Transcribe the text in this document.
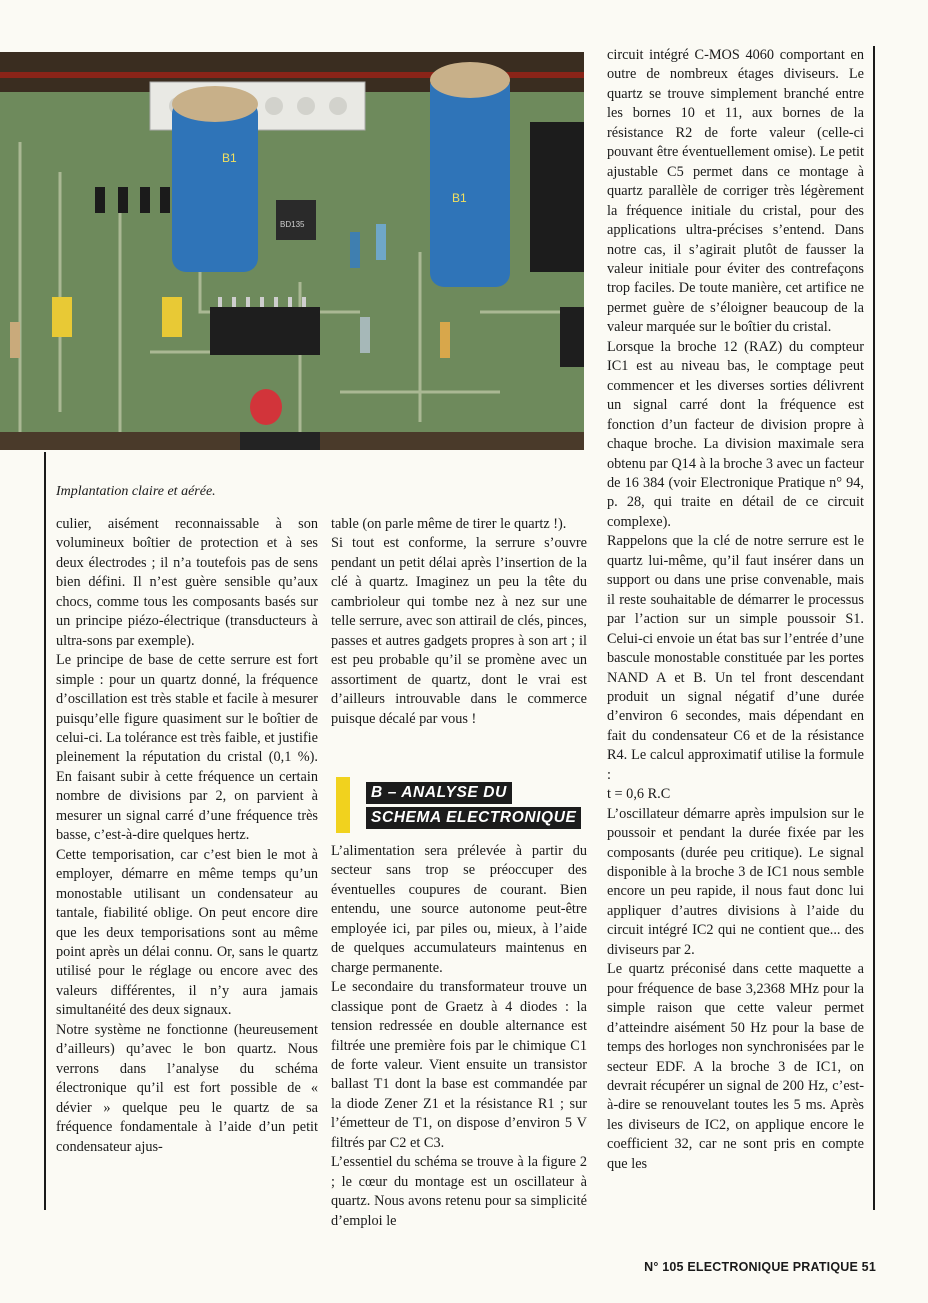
B1
B1
BD135
Implantation claire et aérée.

culier, aisément reconnaissable à son volumineux boîtier de protection et à ses deux électrodes ; il n’a toutefois pas de sens bien défini. Il n’est guère sensible qu’aux chocs, comme tous les composants basés sur un principe piézo-électrique (transducteurs à ultra-sons par exemple).

Le principe de base de cette serrure est fort simple : pour un quartz donné, la fréquence d’oscillation est très stable et facile à mesurer puisqu’elle figure quasiment sur le boîtier de celui-ci. La tolérance est très faible, et justifie pleinement la réputation du cristal (0,1 %). En faisant subir à cette fréquence un certain nombre de divisions par 2, on parvient à mesurer un signal carré d’une fréquence très basse, c’est-à-dire quelques hertz.

Cette temporisation, car c’est bien le mot à employer, démarre en même temps qu’un monostable utilisant un condensateur au tantale, fiabilité oblige. On peut encore dire que les deux temporisations sont au même point après un délai connu. Or, sans le quartz utilisé pour le réglage ou encore avec des valeurs différentes, il n’y aura jamais simultanéité des deux signaux.

Notre système ne fonctionne (heureusement d’ailleurs) qu’avec le bon quartz. Nous verrons dans l’analyse du schéma électronique qu’il est fort possible de « dévier » quelque peu le quartz de sa fréquence fondamentale à l’aide d’un petit condensateur ajus-

table (on parle même de tirer le quartz !).

Si tout est conforme, la serrure s’ouvre pendant un petit délai après l’insertion de la clé à quartz. Imaginez un peu la tête du cambrioleur qui tombe nez à nez sur une telle serrure, avec son attirail de clés, pinces, passes et autres gadgets propres à son art ; il est peu probable qu’il se promène avec un assortiment de quartz, dont le vrai est d’ailleurs introuvable dans le commerce puisque décalé par vous !

B – ANALYSE DU
SCHEMA ELECTRONIQUE

L’alimentation sera prélevée à partir du secteur sans trop se préoccuper des éventuelles coupures de courant. Bien entendu, une source autonome peut-être employée ici, par piles ou, mieux, à l’aide de quelques accumulateurs maintenus en charge permanente.

Le secondaire du transformateur trouve un classique pont de Graetz à 4 diodes : la tension redressée en double alternance est filtrée une première fois par le chimique C1 de forte valeur. Vient ensuite un transistor ballast T1 dont la base est commandée par la diode Zener Z1 et la résistance R1 ; sur l’émetteur de T1, on dispose d’environ 5 V filtrés par C2 et C3.

L’essentiel du schéma se trouve à la figure 2 ; le cœur du montage est un oscillateur à quartz. Nous avons retenu pour sa simplicité d’emploi le

circuit intégré C-MOS 4060 comportant en outre de nombreux étages diviseurs. Le quartz se trouve simplement branché entre les bornes 10 et 11, aux bornes de la résistance R2 de forte valeur (celle-ci pouvant être éventuellement omise). Le petit ajustable C5 permet dans ce montage à quartz parallèle de corriger très légèrement la fréquence initiale du cristal, pour des applications ultra-précises s’entend. Dans notre cas, il s’agirait plutôt de fausser la valeur initiale pour éviter des contrefaçons trop faciles. De toute manière, cet artifice ne permet guère de s’éloigner beaucoup de la valeur marquée sur le boîtier du cristal.

Lorsque la broche 12 (RAZ) du compteur IC1 est au niveau bas, le comptage peut commencer et les diverses sorties délivrent un signal carré dont la fréquence est fonction d’un facteur de division propre à chaque broche. La division maximale sera obtenu par Q14 à la broche 3 avec un facteur de 16 384 (voir Electronique Pratique n° 94, p. 28, qui traite en détail de ce circuit complexe).

Rappelons que la clé de notre serrure est le quartz lui-même, qu’il faut insérer dans un support ou dans une prise convenable, mais il reste souhaitable de démarrer le processus par l’action sur un simple poussoir S1. Celui-ci envoie un état bas sur l’entrée d’une bascule monostable constituée par les portes NAND A et B. Un tel front descendant produit un signal négatif d’une durée d’environ 6 secondes, mais dépendant en fait du condensateur C6 et de la résistance R4. Le calcul approximatif utilise la formule :

t = 0,6 R.C

L’oscillateur démarre après impulsion sur le poussoir et pendant la durée fixée par les composants (durée peu critique). Le signal disponible à la broche 3 de IC1 nous semble encore un peu rapide, il nous faut donc lui appliquer d’autres divisions à l’aide du circuit intégré IC2 qui ne contient que... des diviseurs par 2.

Le quartz préconisé dans cette maquette a pour fréquence de base 3,2368 MHz pour la simple raison que cette valeur permet d’atteindre aisément 50 Hz pour la base de temps des horloges non synchronisées par le secteur EDF. A la broche 3 de IC1, on devrait récupérer un signal de 200 Hz, c’est-à-dire se renouvelant toutes les 5 ms. Après les diviseurs de IC2, on applique encore le coefficient 32, car ne sont pris en compte que les

N° 105 ELECTRONIQUE PRATIQUE 51
